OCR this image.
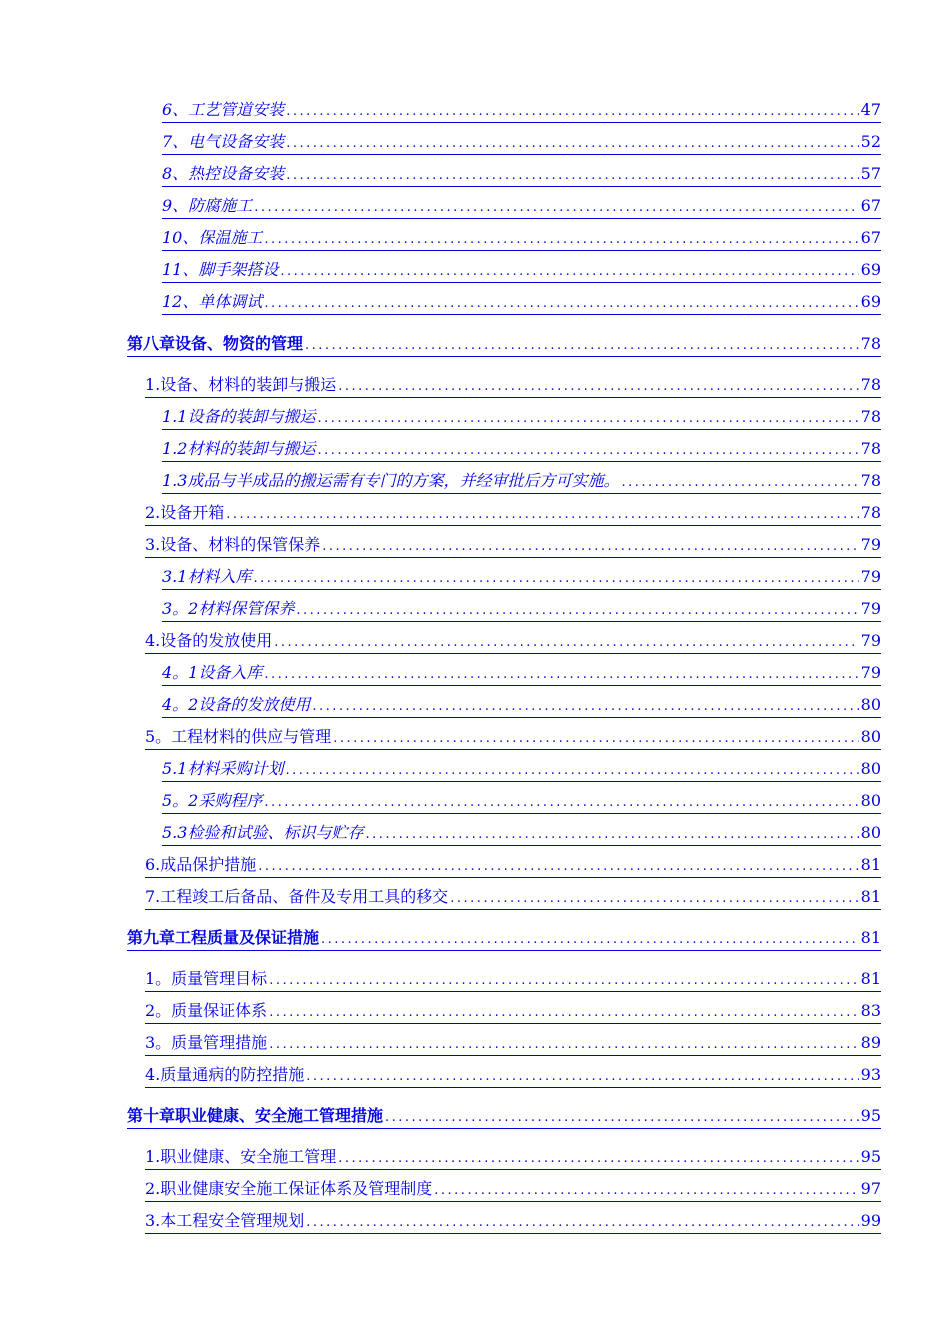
6、工艺管道安装 .....	47
7、电气设备安装 .....	52
8、热控设备安装 .....	57
9、防腐施工 .....	67
10、保温施工 .....	67
11、脚手架搭设 .....	69
12、单体调试 .....	69
第八章设备、物资的管理 .....	78
1.设备、材料的装卸与搬运 .....	78
1.1设备的装卸与搬运 .....	78
1.2材料的装卸与搬运 .....	78
1.3成品与半成品的搬运需有专门的方案，并经审批后方可实施。 .....	78
2.设备开箱 .....	78
3.设备、材料的保管保养 .....	79
3.1材料入库 .....	79
3。2材料保管保养 .....	79
4.设备的发放使用 .....	79
4。1设备入库 .....	79
4。2设备的发放使用 .....	80
5。工程材料的供应与管理 .....	80
5.1材料采购计划 .....	80
5。2采购程序 .....	80
5.3检验和试验、标识与贮存 .....	80
6.成品保护措施 .....	81
7.工程竣工后备品、备件及专用工具的移交 .....	81
第九章工程质量及保证措施 .....	81
1。质量管理目标 .....	81
2。质量保证体系 .....	83
3。质量管理措施 .....	89
4.质量通病的防控措施 .....	93
第十章职业健康、安全施工管理措施 .....	95
1.职业健康、安全施工管理 .....	95
2.职业健康安全施工保证体系及管理制度 .....	97
3.本工程安全管理规划 .....	99
